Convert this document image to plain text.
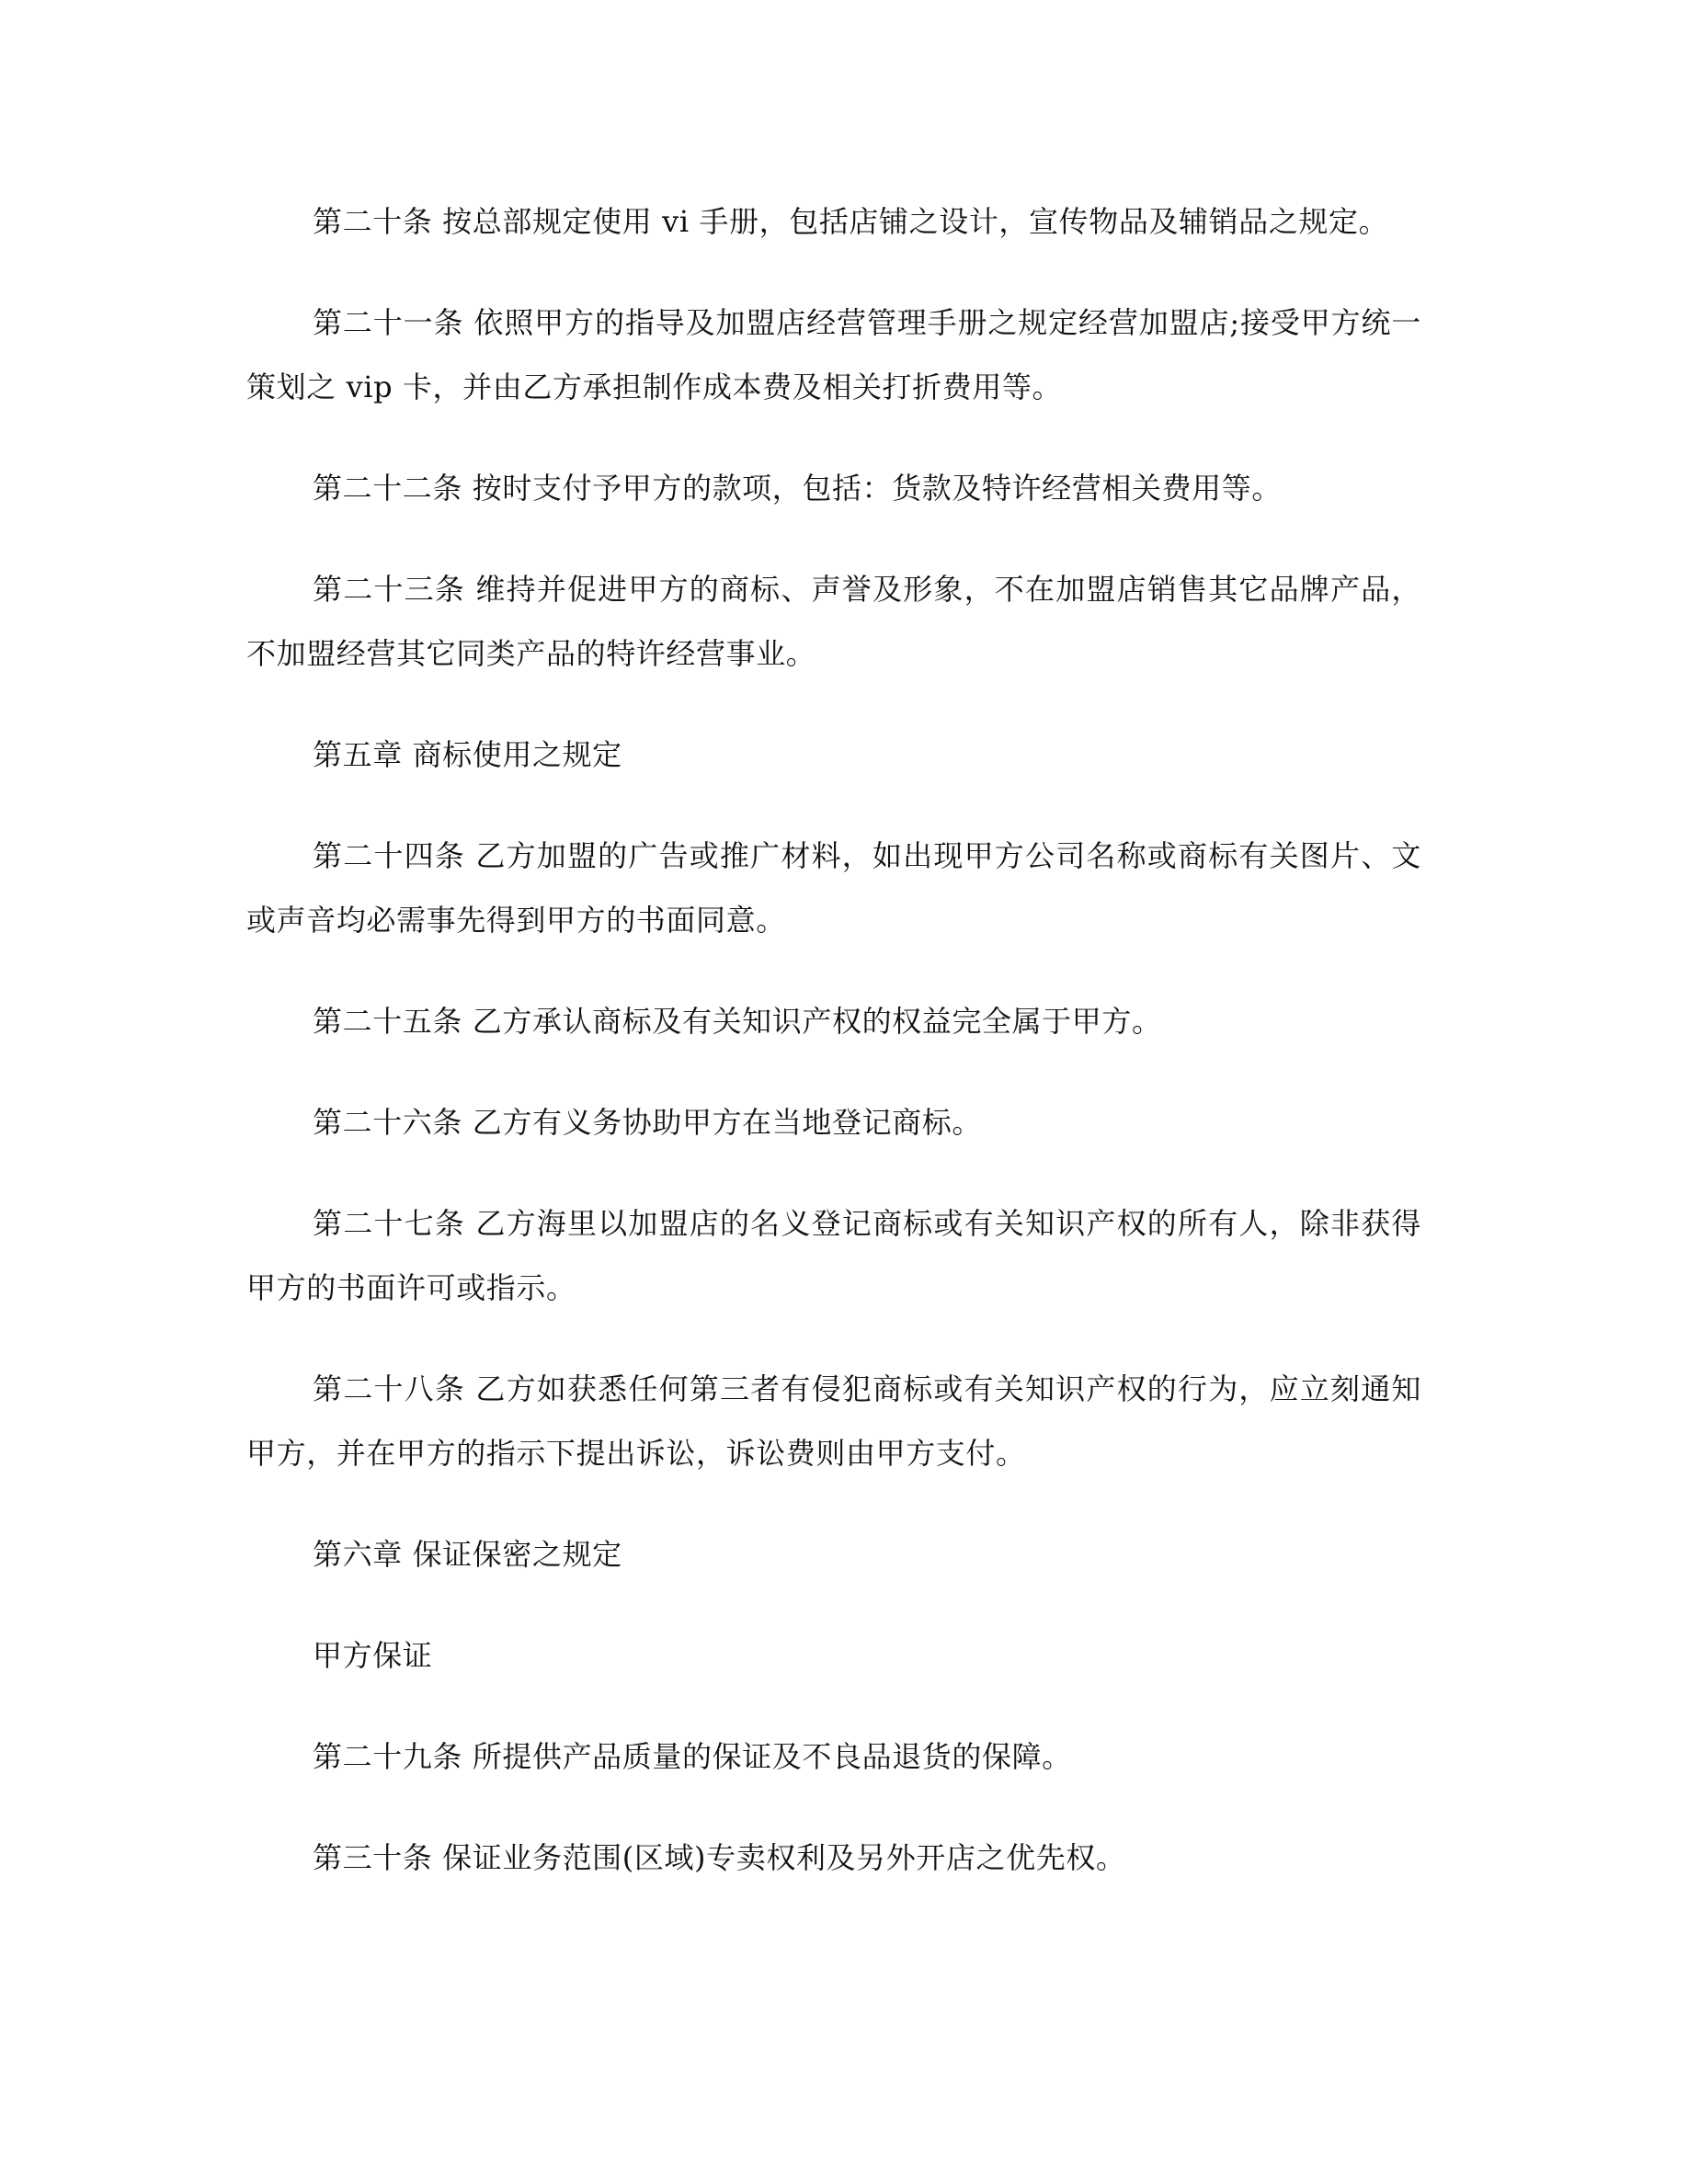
第二十条 按总部规定使用 vi 手册，包括店铺之设计，宣传物品及辅销品之规定。

第二十一条 依照甲方的指导及加盟店经营管理手册之规定经营加盟店;接受甲方统一策划之 vip 卡，并由乙方承担制作成本费及相关打折费用等。

第二十二条 按时支付予甲方的款项，包括：货款及特许经营相关费用等。

第二十三条 维持并促进甲方的商标、声誉及形象，不在加盟店销售其它品牌产品，不加盟经营其它同类产品的特许经营事业。

第五章 商标使用之规定

第二十四条 乙方加盟的广告或推广材料，如出现甲方公司名称或商标有关图片、文或声音均必需事先得到甲方的书面同意。

第二十五条 乙方承认商标及有关知识产权的权益完全属于甲方。

第二十六条 乙方有义务协助甲方在当地登记商标。

第二十七条 乙方海里以加盟店的名义登记商标或有关知识产权的所有人，除非获得甲方的书面许可或指示。

第二十八条 乙方如获悉任何第三者有侵犯商标或有关知识产权的行为，应立刻通知甲方，并在甲方的指示下提出诉讼，诉讼费则由甲方支付。

第六章 保证保密之规定

甲方保证

第二十九条 所提供产品质量的保证及不良品退货的保障。

第三十条 保证业务范围(区域)专卖权利及另外开店之优先权。
